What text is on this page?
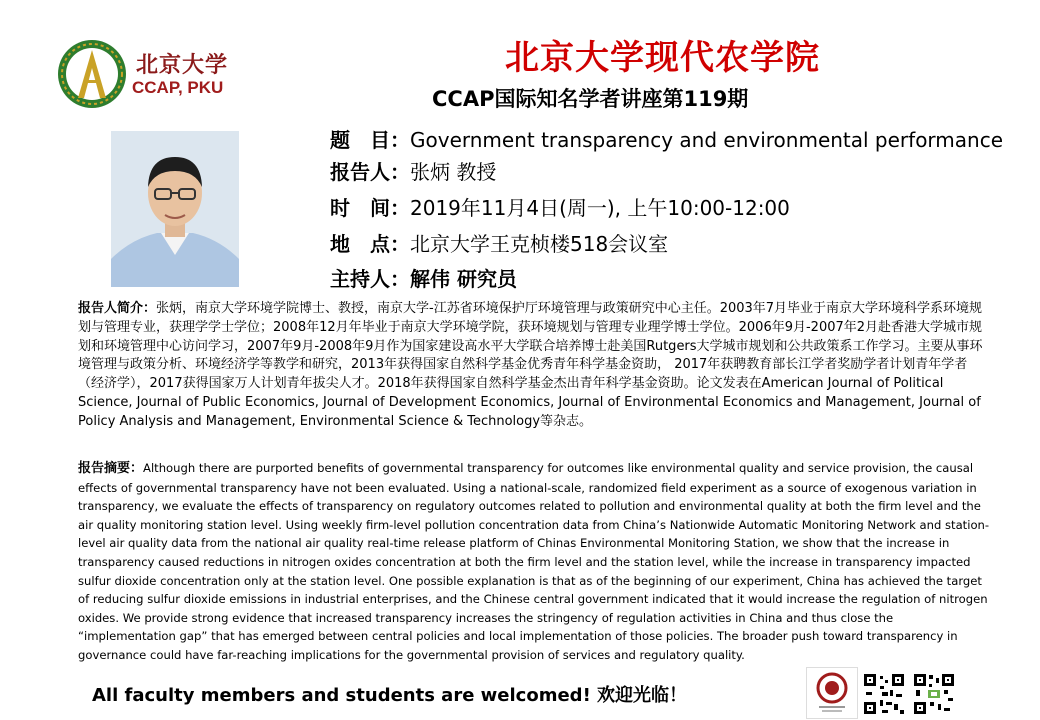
北京大学
CCAP, PKU
北京大学现代农学院
CCAP国际知名学者讲座第119期
题　目：Government transparency and environmental performance
报告人：张炳 教授
时　间：2019年11月4日(周一), 上午10:00-12:00
地　点：北京大学王克桢楼518会议室
主持人：解伟 研究员
报告人简介：张炳，南京大学环境学院博士、教授，南京大学-江苏省环境保护厅环境管理与政策研究中心主任。2003年7月毕业于南京大学环境科学系环境规划与管理专业，获理学学士学位；2008年12月年毕业于南京大学环境学院，获环境规划与管理专业理学博士学位。2006年9月-2007年2月赴香港大学城市规划和环境管理中心访问学习，2007年9月-2008年9月作为国家建设高水平大学联合培养博士赴美国Rutgers大学城市规划和公共政策系工作学习。主要从事环境管理与政策分析、环境经济学等教学和研究，2013年获得国家自然科学基金优秀青年科学基金资助， 2017年获聘教育部长江学者奖励学者计划青年学者（经济学），2017获得国家万人计划青年拔尖人才。2018年获得国家自然科学基金杰出青年科学基金资助。论文发表在American Journal of Political Science, Journal of Public Economics, Journal of Development Economics, Journal of Environmental Economics and Management, Journal of Policy Analysis and Management, Environmental Science & Technology等杂志。
报告摘要：Although there are purported benefits of governmental transparency for outcomes like environmental quality and service provision, the causal effects of governmental transparency have not been evaluated. Using a national-scale, randomized field experiment as a source of exogenous variation in transparency, we evaluate the effects of transparency on regulatory outcomes related to pollution and environmental quality at both the firm level and the air quality monitoring station level. Using weekly firm-level pollution concentration data from China’s Nationwide Automatic Monitoring Network and station-level air quality data from the national air quality real-time release platform of Chinas Environmental Monitoring Station, we show that the increase in transparency caused reductions in nitrogen oxides concentration at both the firm level and the station level, while the increase in transparency impacted sulfur dioxide concentration only at the station level. One possible explanation is that as of the beginning of our experiment, China has achieved the target of reducing sulfur dioxide emissions in industrial enterprises, and the Chinese central government indicated that it would increase the regulation of nitrogen oxides. We provide strong evidence that increased transparency increases the stringency of regulation activities in China and thus close the “implementation gap” that has emerged between central policies and local implementation of those policies. The broader push toward transparency in governance could have far-reaching implications for the governmental provision of services and regulatory quality.
All faculty members and students are welcomed! 欢迎光临！
